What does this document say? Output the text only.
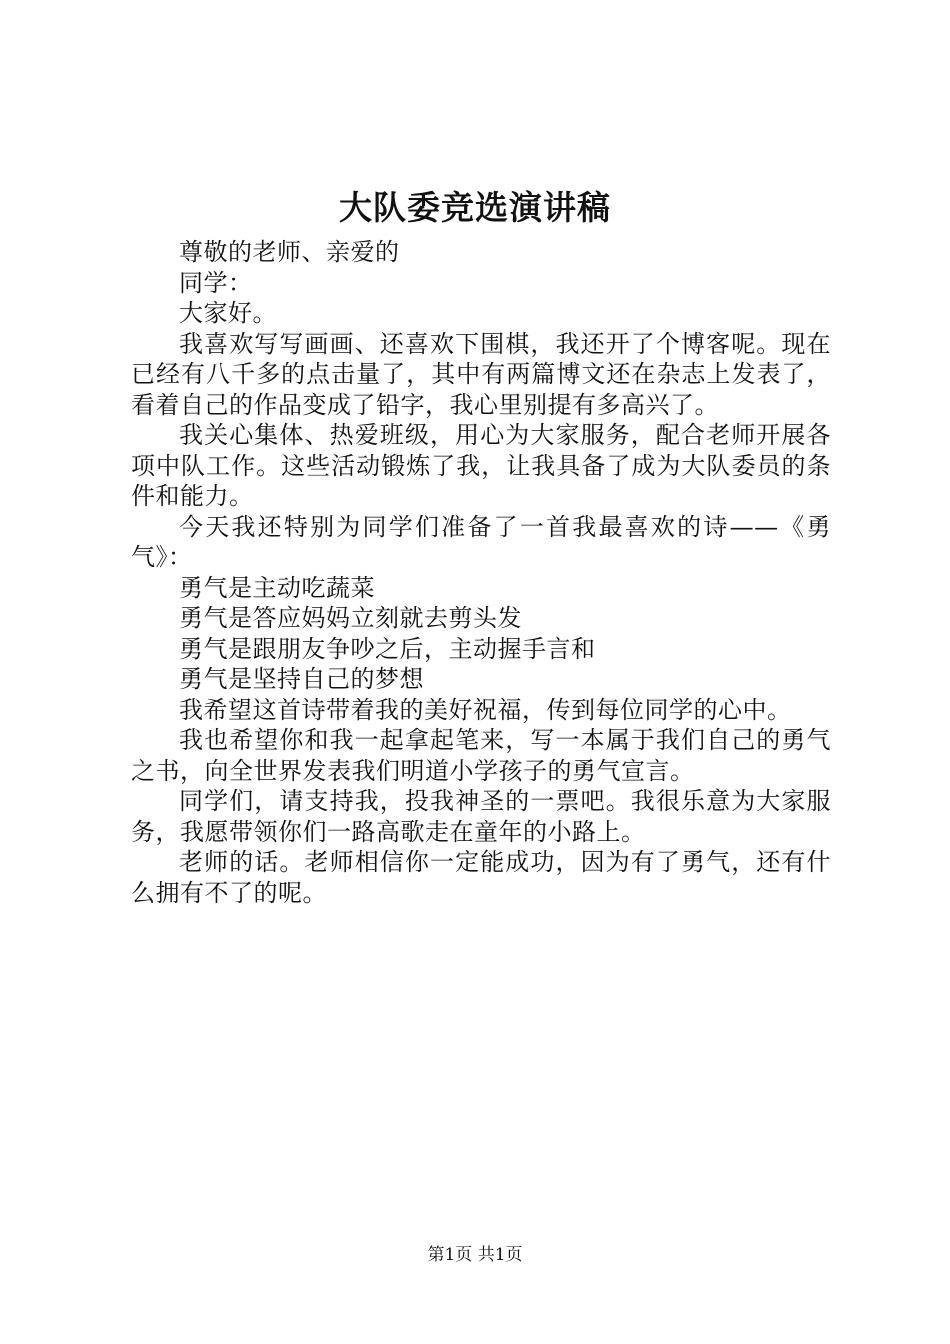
大队委竞选演讲稿

尊敬的老师、亲爱的

同学：

大家好。

我喜欢写写画画、还喜欢下围棋，我还开了个博客呢。现在已经有八千多的点击量了，其中有两篇博文还在杂志上发表了，看着自己的作品变成了铅字，我心里别提有多高兴了。

我关心集体、热爱班级，用心为大家服务，配合老师开展各项中队工作。这些活动锻炼了我，让我具备了成为大队委员的条件和能力。

今天我还特别为同学们准备了一首我最喜欢的诗——《勇气》：

勇气是主动吃蔬菜

勇气是答应妈妈立刻就去剪头发

勇气是跟朋友争吵之后，主动握手言和

勇气是坚持自己的梦想

我希望这首诗带着我的美好祝福，传到每位同学的心中。

我也希望你和我一起拿起笔来，写一本属于我们自己的勇气之书，向全世界发表我们明道小学孩子的勇气宣言。

同学们，请支持我，投我神圣的一票吧。我很乐意为大家服务，我愿带领你们一路高歌走在童年的小路上。

老师的话。老师相信你一定能成功，因为有了勇气，还有什么拥有不了的呢。

第1页 共1页
